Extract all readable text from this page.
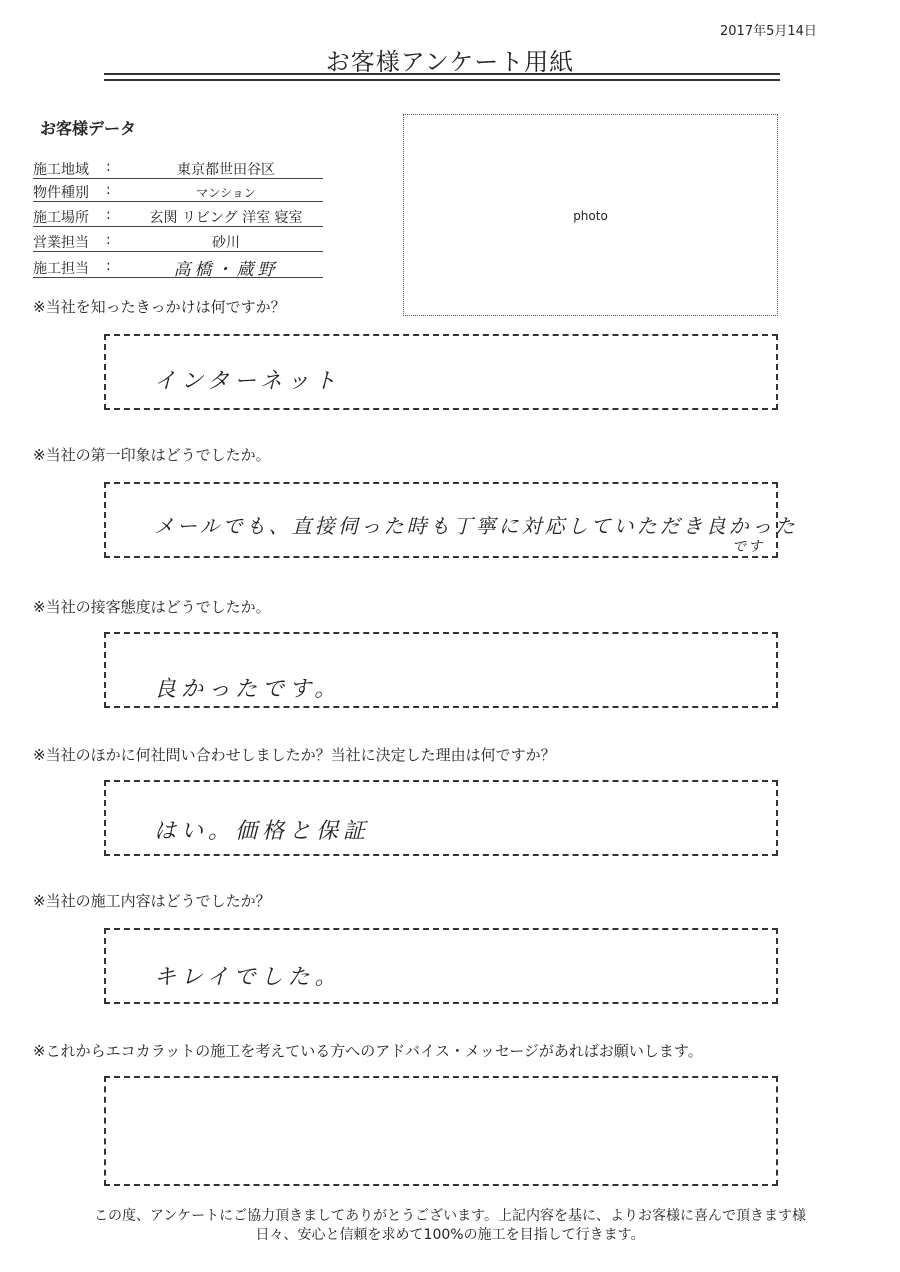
2017年5月14日
お客様アンケート用紙
お客様データ
施工地域 :	東京都世田谷区
物件種別 :	マンション
施工場所 :	玄関 リビング 洋室 寝室
営業担当 :	砂川
施工担当 :	高橋・蔵野
photo
※当社を知ったきっかけは何ですか？
インターネット
※当社の第一印象はどうでしたか。
メールでも、直接伺った時も丁寧に対応していただき良かった
です
※当社の接客態度はどうでしたか。
良かったです。
※当社のほかに何社問い合わせしましたか？当社に決定した理由は何ですか？
はい。価格と保証
※当社の施工内容はどうでしたか？
キレイでした。
※これからエコカラットの施工を考えている方へのアドバイス・メッセージがあればお願いします。
この度、アンケートにご協力頂きましてありがとうございます。上記内容を基に、よりお客様に喜んで頂きます様
日々、安心と信頼を求めて100%の施工を目指して行きます。
